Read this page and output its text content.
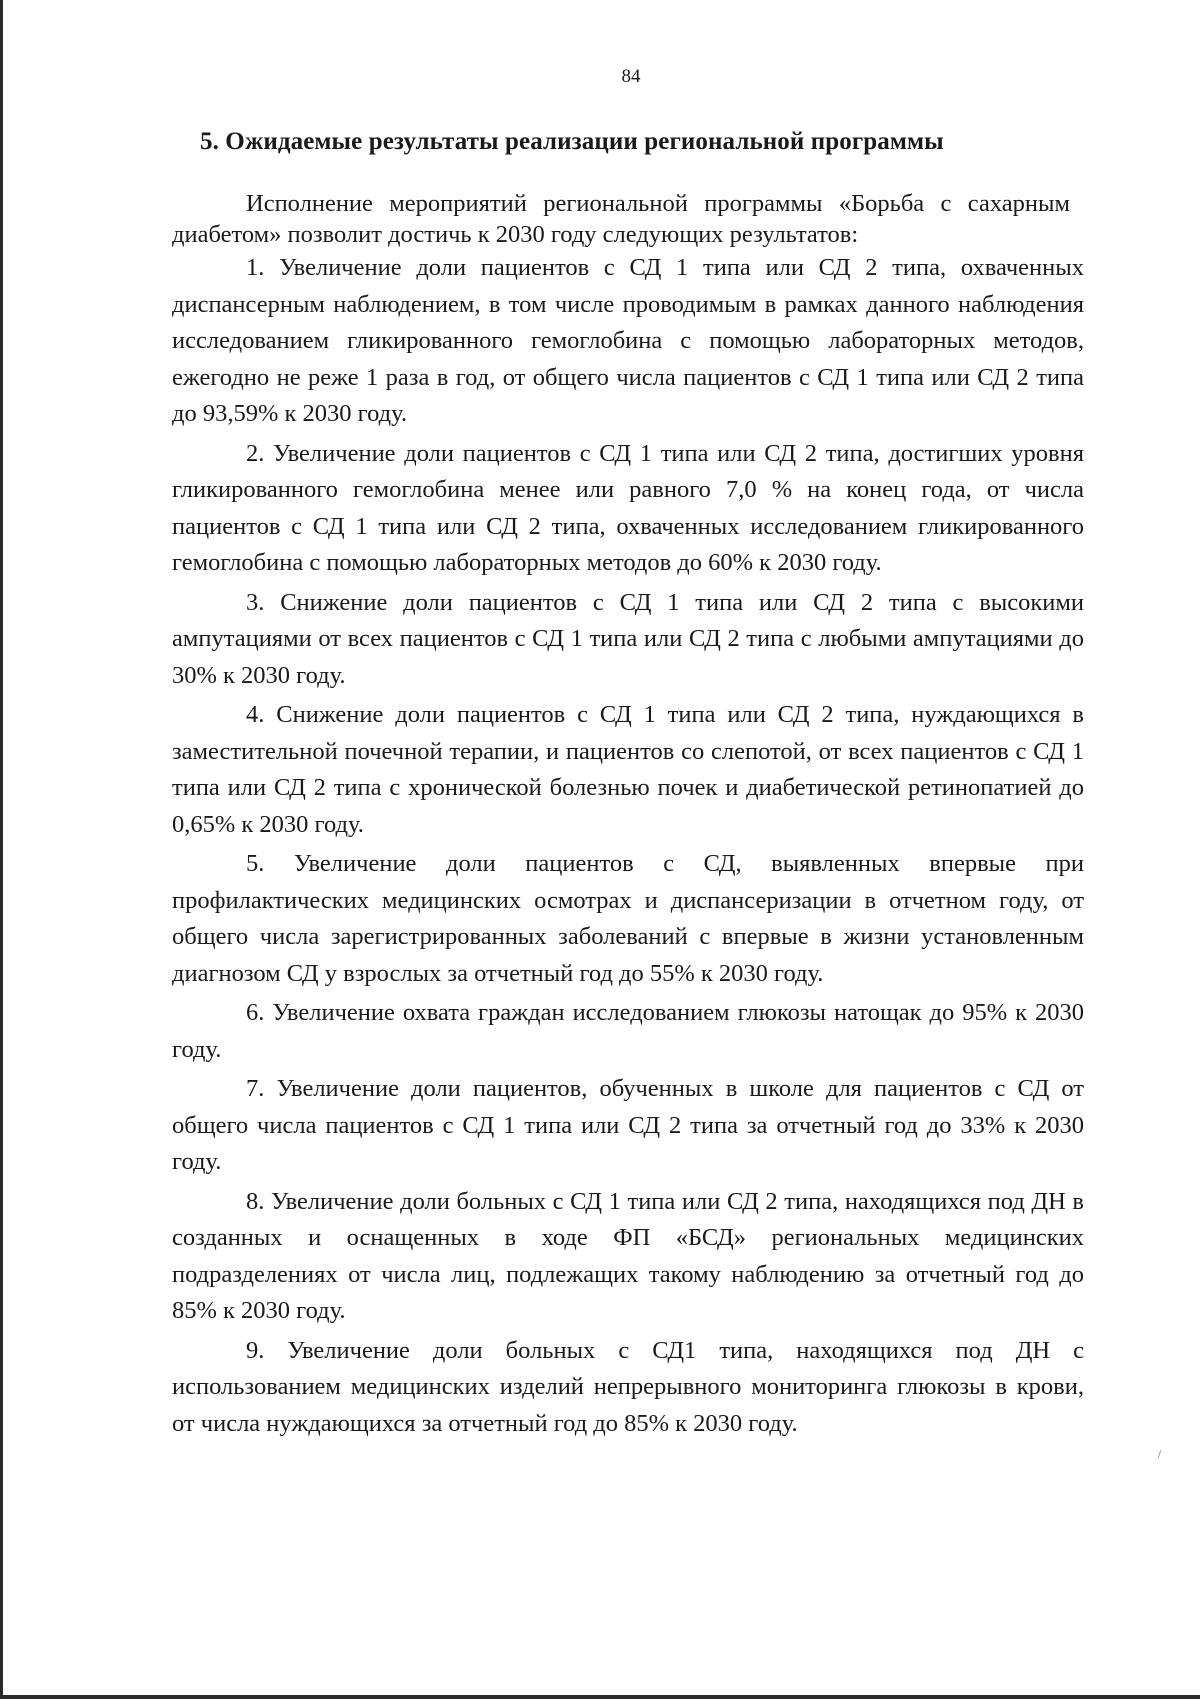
84
5. Ожидаемые результаты реализации региональной программы

Исполнение мероприятий региональной программы «Борьба с сахарным диабетом» позволит достичь к 2030 году следующих результатов:

1. Увеличение доли пациентов с СД 1 типа или СД 2 типа, охваченных диспансерным наблюдением, в том числе проводимым в рамках данного наблюдения исследованием гликированного гемоглобина с помощью лабораторных методов, ежегодно не реже 1 раза в год, от общего числа пациентов с СД 1 типа или СД 2 типа до 93,59% к 2030 году.

2. Увеличение доли пациентов с СД 1 типа или СД 2 типа, достигших уровня гликированного гемоглобина менее или равного 7,0 % на конец года, от числа пациентов с СД 1 типа или СД 2 типа, охваченных исследованием гликированного гемоглобина с помощью лабораторных методов до 60% к 2030 году.

3. Снижение доли пациентов с СД 1 типа или СД 2 типа с высокими ампутациями от всех пациентов с СД 1 типа или СД 2 типа с любыми ампутациями до 30% к 2030 году.

4. Снижение доли пациентов с СД 1 типа или СД 2 типа, нуждающихся в заместительной почечной терапии, и пациентов со слепотой, от всех пациентов с СД 1 типа или СД 2 типа с хронической болезнью почек и диабетической ретинопатией до 0,65% к 2030 году.

5. Увеличение доли пациентов с СД, выявленных впервые при профилактических медицинских осмотрах и диспансеризации в отчетном году, от общего числа зарегистрированных заболеваний с впервые в жизни установленным диагнозом СД у взрослых за отчетный год до 55% к 2030 году.

6. Увеличение охвата граждан исследованием глюкозы натощак до 95% к 2030 году.

7. Увеличение доли пациентов, обученных в школе для пациентов с СД от общего числа пациентов с СД 1 типа или СД 2 типа за отчетный год до 33% к 2030 году.

8. Увеличение доли больных с СД 1 типа или СД 2 типа, находящихся под ДН в созданных и оснащенных в ходе ФП «БСД» региональных медицинских подразделениях от числа лиц, подлежащих такому наблюдению за отчетный год до 85% к 2030 году.

9. Увеличение доли больных с СД1 типа, находящихся под ДН с использованием медицинских изделий непрерывного мониторинга глюкозы в крови, от числа нуждающихся за отчетный год до 85% к 2030 году.
